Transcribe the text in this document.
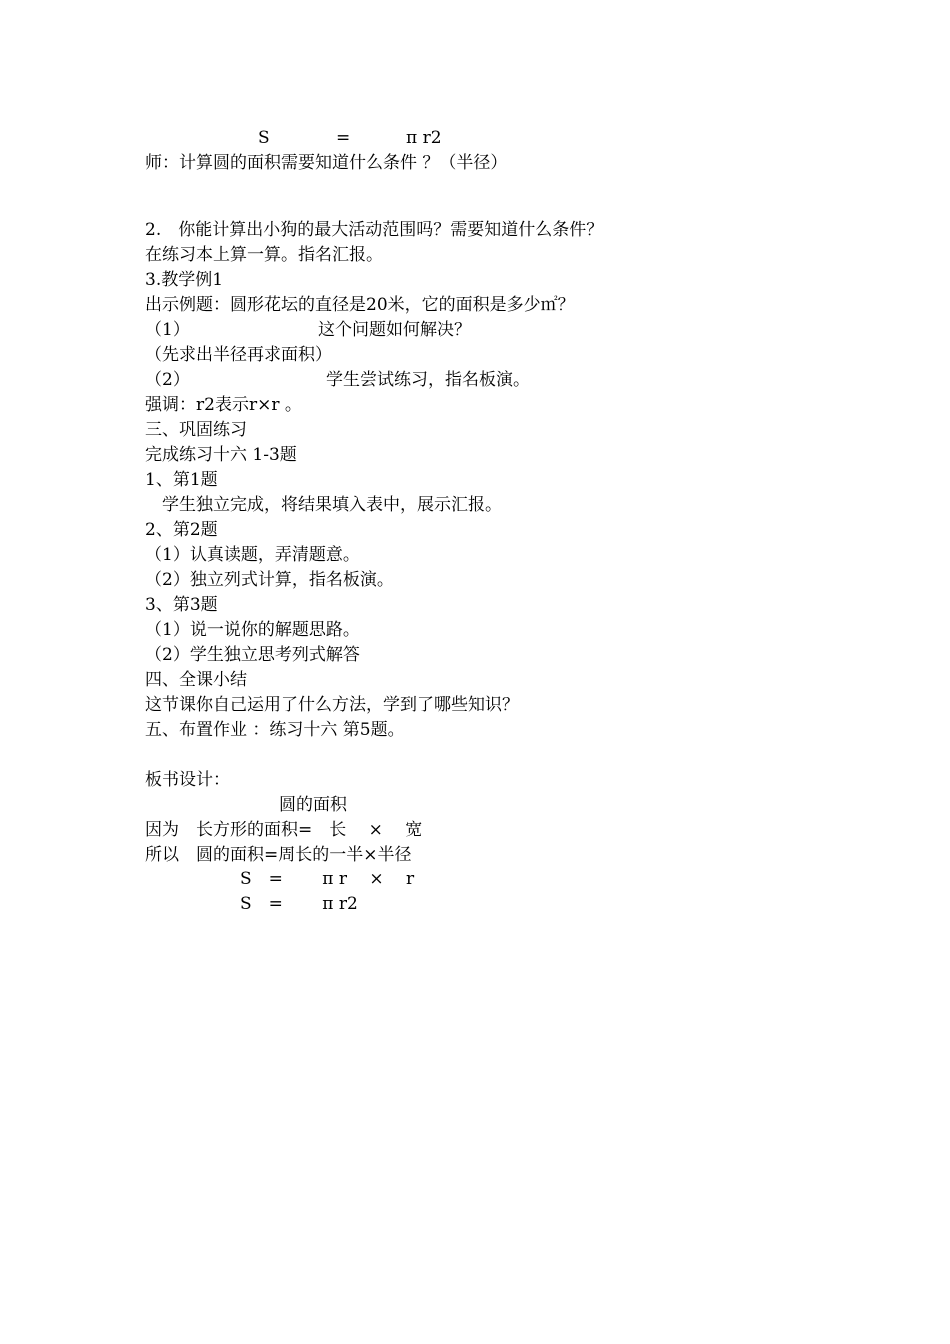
S	=	π r2
师：计算圆的面积需要知道什么条件 ？（半径）
2.　你能计算出小狗的最大活动范围吗？需要知道什么条件？
在练习本上算一算。指名汇报。
3.教学例1
出示例题：圆形花坛的直径是20米，它的面积是多少㎡？
（1）	这个问题如何解决？
（先求出半径再求面积）
（2）	学生尝试练习，指名板演。
强调：r2表示r×r 。
三、巩固练习
完成练习十六 1-3题
1、第1题
　学生独立完成，将结果填入表中，展示汇报。
2、第2题
（1）认真读题，弄清题意。
（2）独立列式计算，指名板演。
3、第3题
（1）说一说你的解题思路。
（2）学生独立思考列式解答
四、全课小结
这节课你自己运用了什么方法，学到了哪些知识？
五、布置作业 ：练习十六 第5题。
板书设计：
圆的面积
因为　长方形的面积=　长　 ×　 宽
所以　圆的面积=周长的一半×半径
S　=　　 π r　 ×　 r
S　=　　 π r2
